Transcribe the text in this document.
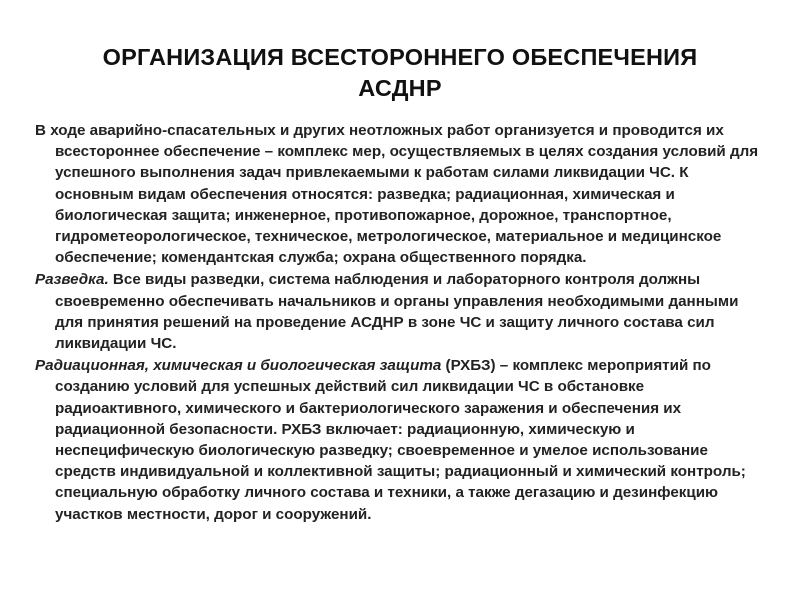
ОРГАНИЗАЦИЯ ВСЕСТОРОННЕГО ОБЕСПЕЧЕНИЯ
АСДНР

В ходе аварийно-спасательных и других неотложных работ организуется и проводится их всестороннее обеспечение – комплекс мер, осуществляемых в целях создания условий для успешного выполнения задач привлекаемыми к работам силами ликвидации ЧС. К основным видам обеспечения относятся: разведка; радиационная, химическая и биологическая защита; инженерное, противопожарное, дорожное, транспортное, гидрометеорологическое, техническое, метрологическое, материальное и медицинское обеспечение; комендантская служба; охрана общественного порядка.

Разведка. Все виды разведки, система наблюдения и лабораторного контроля должны своевременно обеспечивать начальников и органы управления необходимыми данными для принятия решений на проведение АСДНР в зоне ЧС и защиту личного состава сил ликвидации ЧС.

Радиационная, химическая и биологическая защита (РХБЗ) – комплекс мероприятий по созданию условий для успешных действий сил ликвидации ЧС в обстановке радиоактивного, химического и бактериологического заражения и обеспечения их радиационной безопасности. РХБЗ включает: радиационную, химическую и неспецифическую биологическую разведку; своевременное и умелое использование средств индивидуальной и коллективной защиты; радиационный и химический контроль; специальную обработку личного состава и техники, а также дегазацию и дезинфекцию участков местности, дорог и сооружений.
